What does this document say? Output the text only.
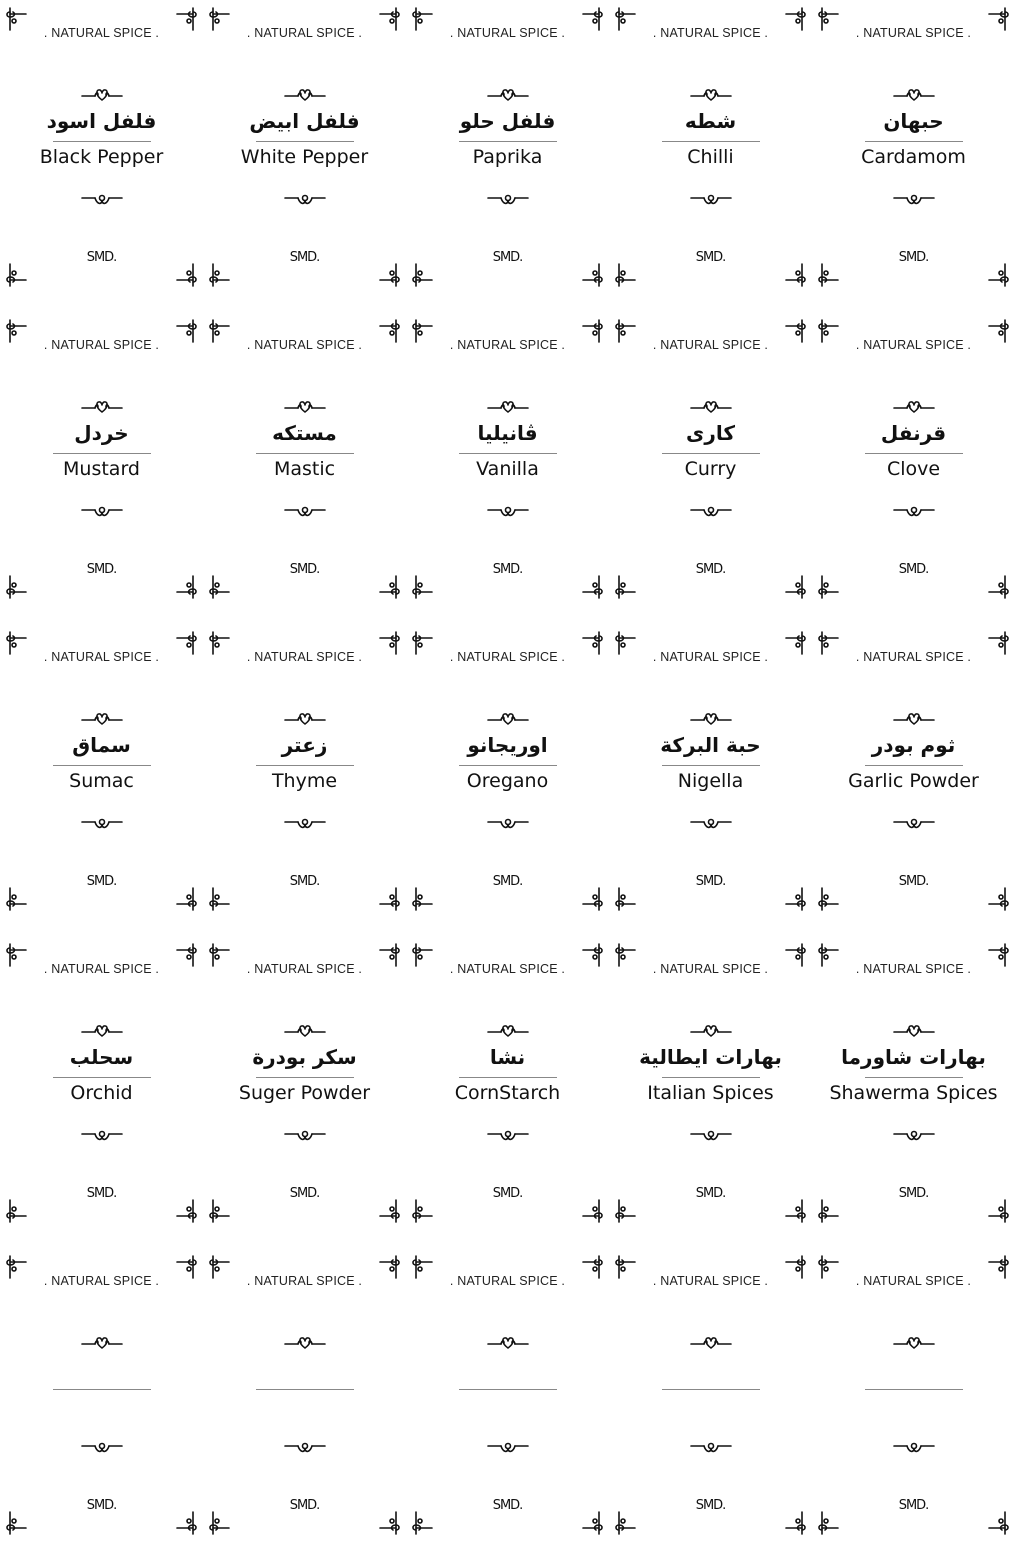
. NATURAL SPICE .
فلفل اسود
Black Pepper
SMD.
. NATURAL SPICE .
فلفل ابيض
White Pepper
SMD.
. NATURAL SPICE .
فلفل حلو
Paprika
SMD.
. NATURAL SPICE .
شطه
Chilli
SMD.
. NATURAL SPICE .
حبهان
Cardamom
SMD.
. NATURAL SPICE .
خردل
Mustard
SMD.
. NATURAL SPICE .
مستكه
Mastic
SMD.
. NATURAL SPICE .
ڤانيليا
Vanilla
SMD.
. NATURAL SPICE .
كارى
Curry
SMD.
. NATURAL SPICE .
قرنفل
Clove
SMD.
. NATURAL SPICE .
سماق
Sumac
SMD.
. NATURAL SPICE .
زعتر
Thyme
SMD.
. NATURAL SPICE .
اوريجانو
Oregano
SMD.
. NATURAL SPICE .
حبة البركة
Nigella
SMD.
. NATURAL SPICE .
ثوم بودر
Garlic Powder
SMD.
. NATURAL SPICE .
سحلب
Orchid
SMD.
. NATURAL SPICE .
سكر بودرة
Suger Powder
SMD.
. NATURAL SPICE .
نشا
CornStarch
SMD.
. NATURAL SPICE .
بهارات ايطالية
Italian Spices
SMD.
. NATURAL SPICE .
بهارات شاورما
Shawerma Spices
SMD.
. NATURAL SPICE .
SMD.
. NATURAL SPICE .
SMD.
. NATURAL SPICE .
SMD.
. NATURAL SPICE .
SMD.
. NATURAL SPICE .
SMD.
